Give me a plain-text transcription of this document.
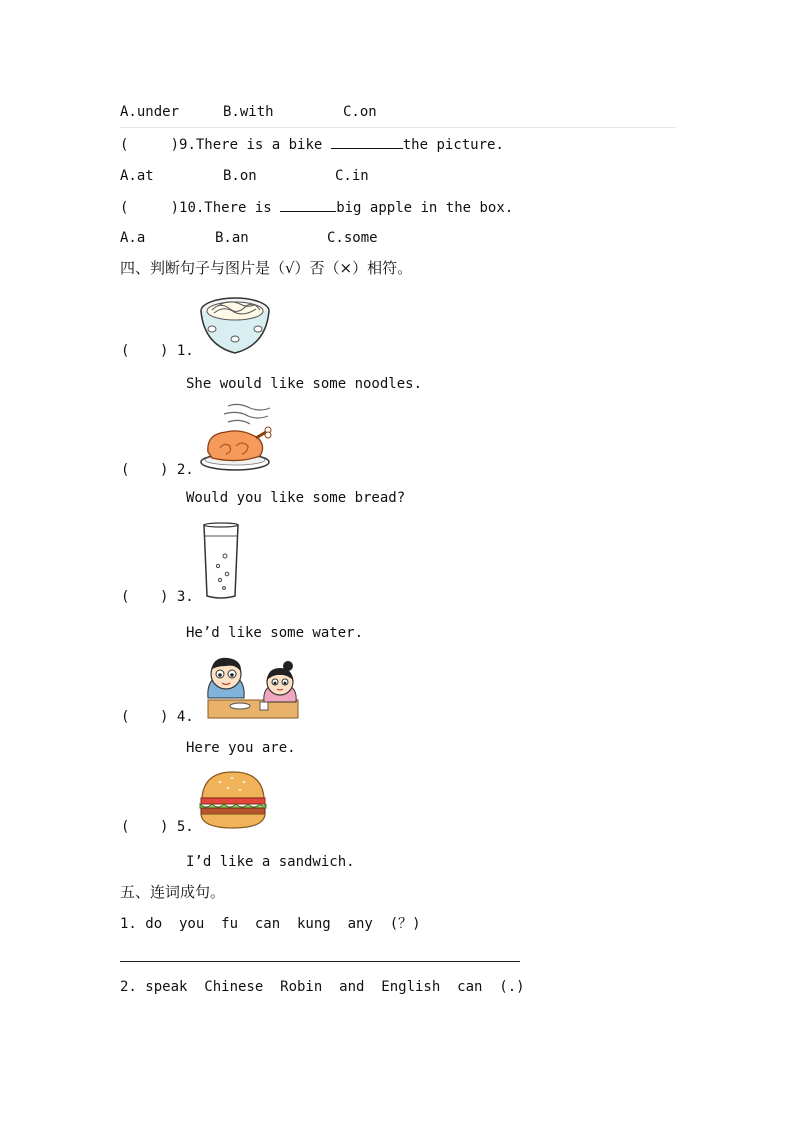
A.under	B.with	C.on
(	)9.There is a bike	the picture.
A.at	B.on	C.in
(	)10.There is	big apple in the box.
A.a	B.an	C.some
四、判断句子与图片是（√）否（×）相符。
( ) 1.
She would like some noodles.
( ) 2.
Would you like some bread?
( ) 3.
He’d like some water.
( ) 4.
Here you are.
( ) 5.
I’d like a sandwich.
五、连词成句。
1. do  you  fu  can  kung  any  (？)
2. speak  Chinese  Robin  and  English  can  (.)
